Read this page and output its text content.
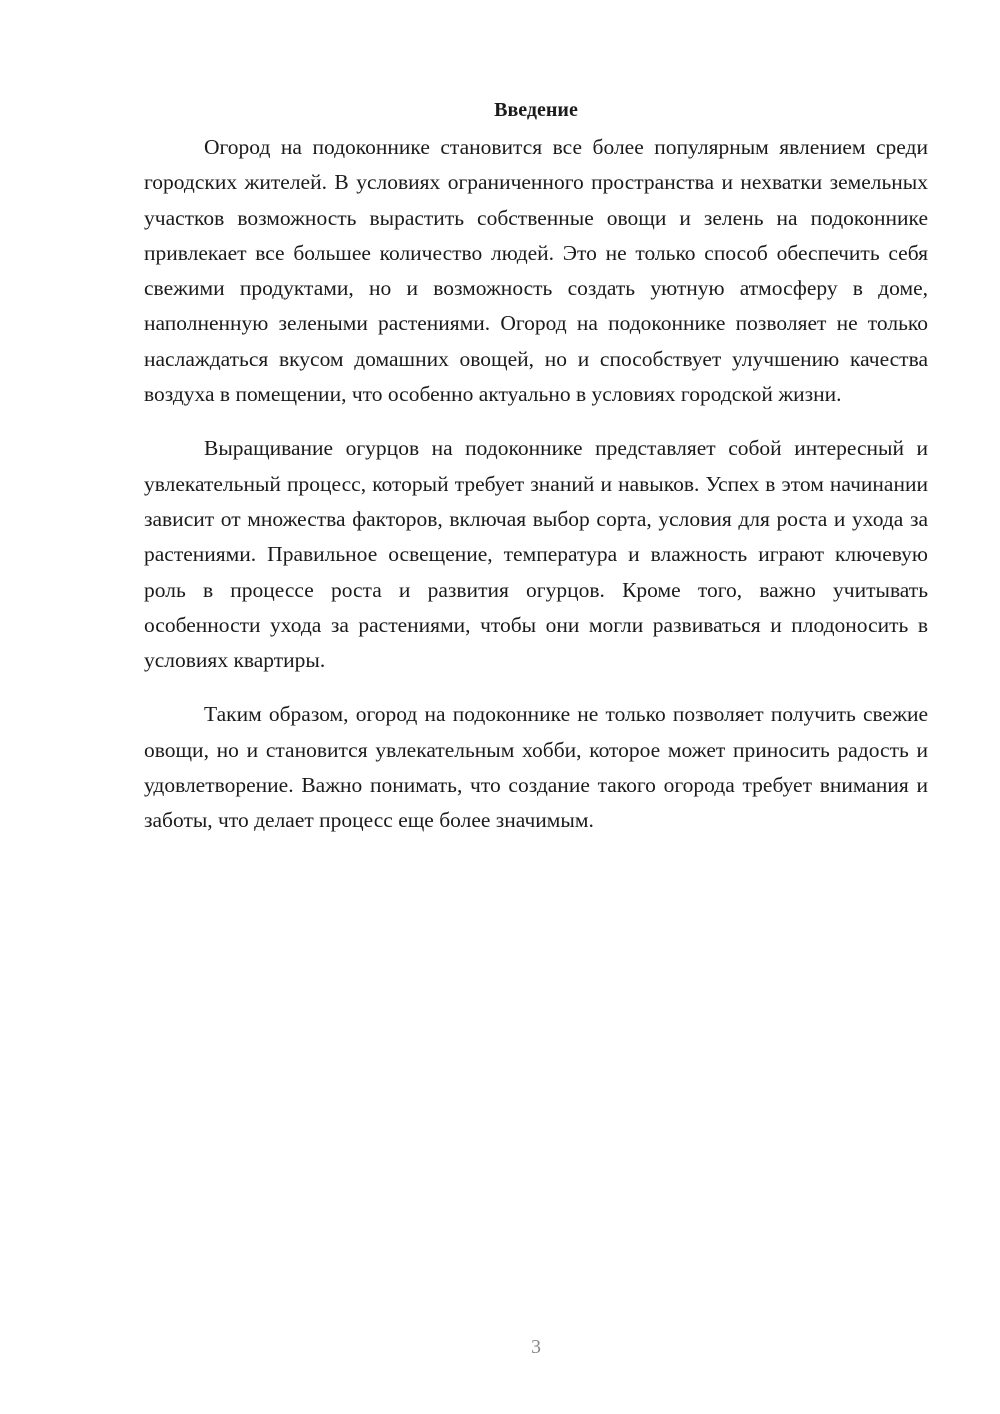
Введение

Огород на подоконнике становится все более популярным явлением среди городских жителей. В условиях ограниченного пространства и нехватки земельных участков возможность вырастить собственные овощи и зелень на подоконнике привлекает все большее количество людей. Это не только способ обеспечить себя свежими продуктами, но и возможность создать уютную атмосферу в доме, наполненную зелеными растениями. Огород на подоконнике позволяет не только наслаждаться вкусом домашних овощей, но и способствует улучшению качества воздуха в помещении, что особенно актуально в условиях городской жизни.

Выращивание огурцов на подоконнике представляет собой интересный и увлекательный процесс, который требует знаний и навыков. Успех в этом начинании зависит от множества факторов, включая выбор сорта, условия для роста и ухода за растениями. Правильное освещение, температура и влажность играют ключевую роль в процессе роста и развития огурцов. Кроме того, важно учитывать особенности ухода за растениями, чтобы они могли развиваться и плодоносить в условиях квартиры.

Таким образом, огород на подоконнике не только позволяет получить свежие овощи, но и становится увлекательным хобби, которое может приносить радость и удовлетворение. Важно понимать, что создание такого огорода требует внимания и заботы, что делает процесс еще более значимым.

3
